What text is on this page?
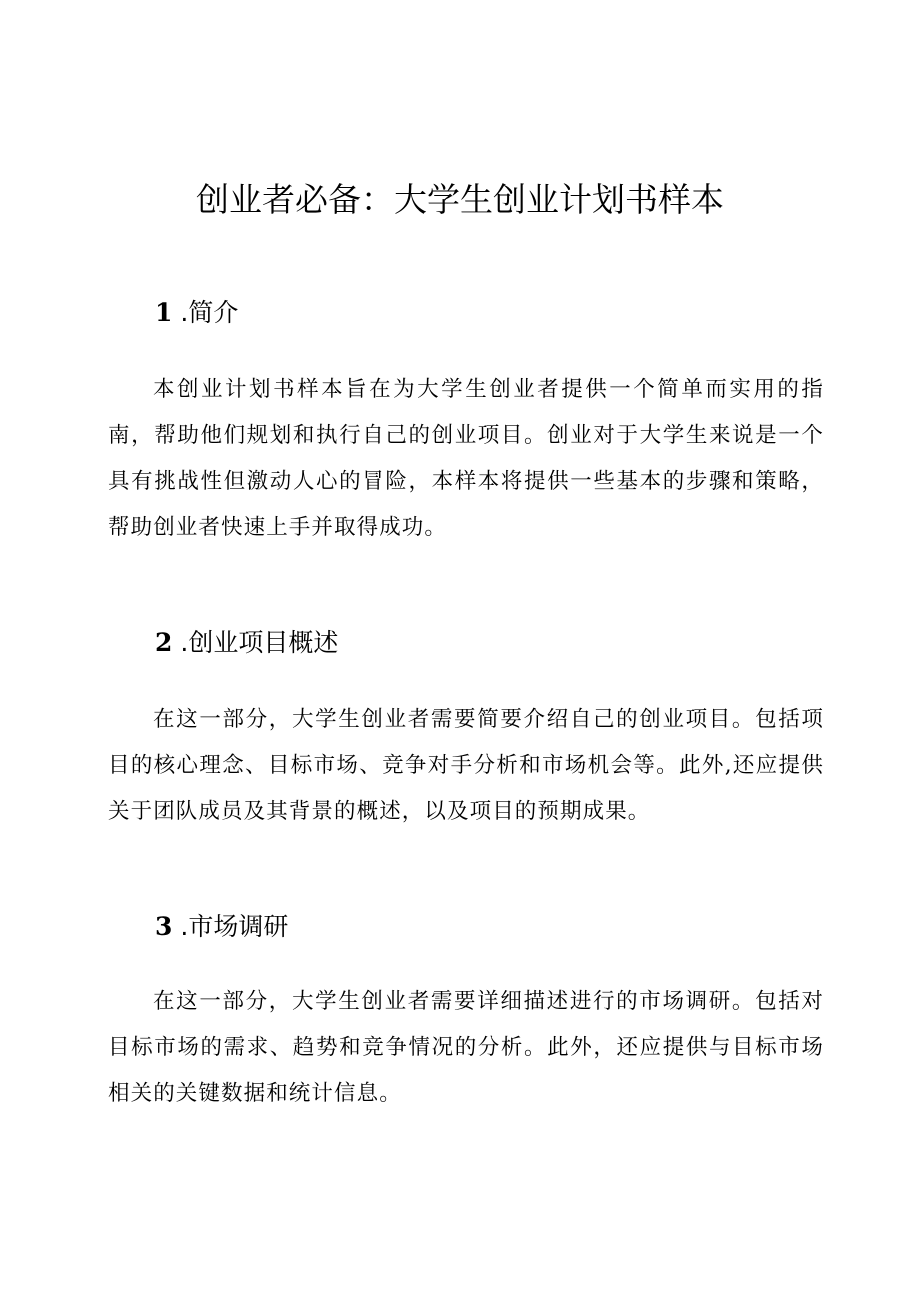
创业者必备：大学生创业计划书样本
1 .简介

本创业计划书样本旨在为大学生创业者提供一个简单而实用的指南，帮助他们规划和执行自己的创业项目。创业对于大学生来说是一个具有挑战性但激动人心的冒险，本样本将提供一些基本的步骤和策略，帮助创业者快速上手并取得成功。

2 .创业项目概述

在这一部分，大学生创业者需要简要介绍自己的创业项目。包括项目的核心理念、目标市场、竞争对手分析和市场机会等。此外,还应提供关于团队成员及其背景的概述，以及项目的预期成果。

3 .市场调研

在这一部分，大学生创业者需要详细描述进行的市场调研。包括对目标市场的需求、趋势和竞争情况的分析。此外，还应提供与目标市场相关的关键数据和统计信息。
